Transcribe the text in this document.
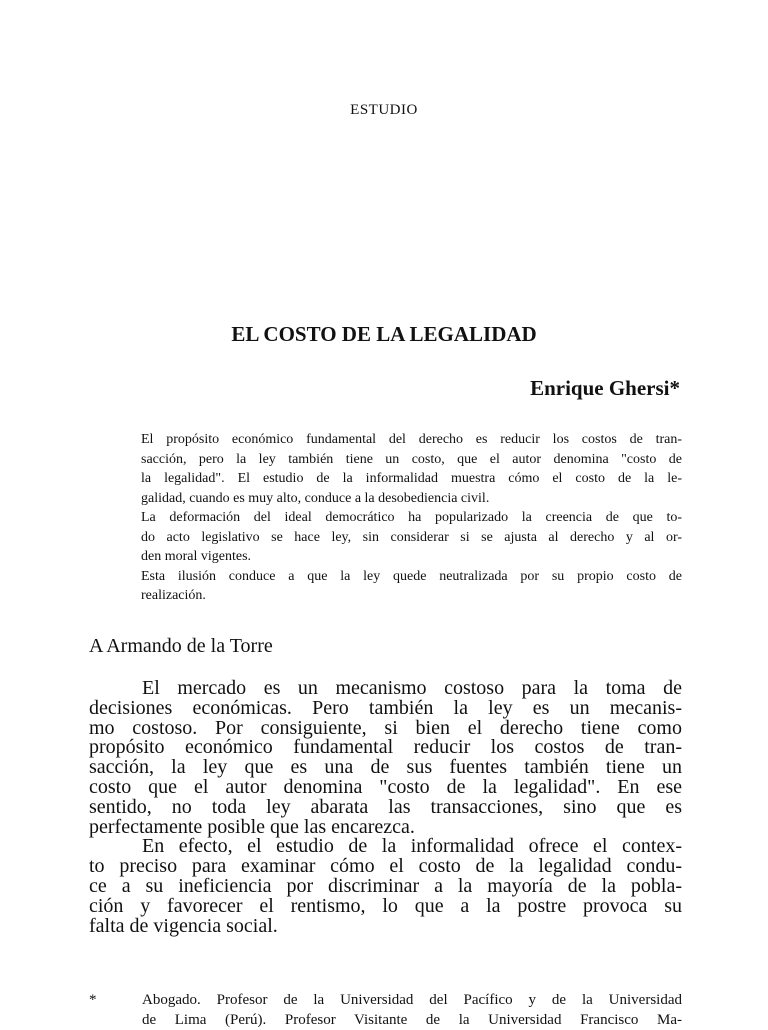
ESTUDIO
EL COSTO DE LA LEGALIDAD
Enrique Ghersi*
El propósito económico fundamental del derecho es reducir los costos de tran-
sacción, pero la ley también tiene un costo, que el autor denomina "costo de
la legalidad". El estudio de la informalidad muestra cómo el costo de la le-
galidad, cuando es muy alto, conduce a la desobediencia civil.
La deformación del ideal democrático ha popularizado la creencia de que to-
do acto legislativo se hace ley, sin considerar si se ajusta al derecho y al or-
den moral vigentes.
Esta ilusión conduce a que la ley quede neutralizada por su propio costo de
realización.
A Armando de la Torre
El mercado es un mecanismo costoso para la toma de
decisiones económicas. Pero también la ley es un mecanis-
mo costoso. Por consiguiente, si bien el derecho tiene como
propósito económico fundamental reducir los costos de tran-
sacción, la ley que es una de sus fuentes también tiene un
costo que el autor denomina "costo de la legalidad". En ese
sentido, no toda ley abarata las transacciones, sino que es
perfectamente posible que las encarezca.
En efecto, el estudio de la informalidad ofrece el contex-
to preciso para examinar cómo el costo de la legalidad condu-
ce a su ineficiencia por discriminar a la mayoría de la pobla-
ción y favorecer el rentismo, lo que a la postre provoca su
falta de vigencia social.
*	Abogado. Profesor de la Universidad del Pacífico y de la Universidad
de Lima (Perú). Profesor Visitante de la Universidad Francisco Ma-
